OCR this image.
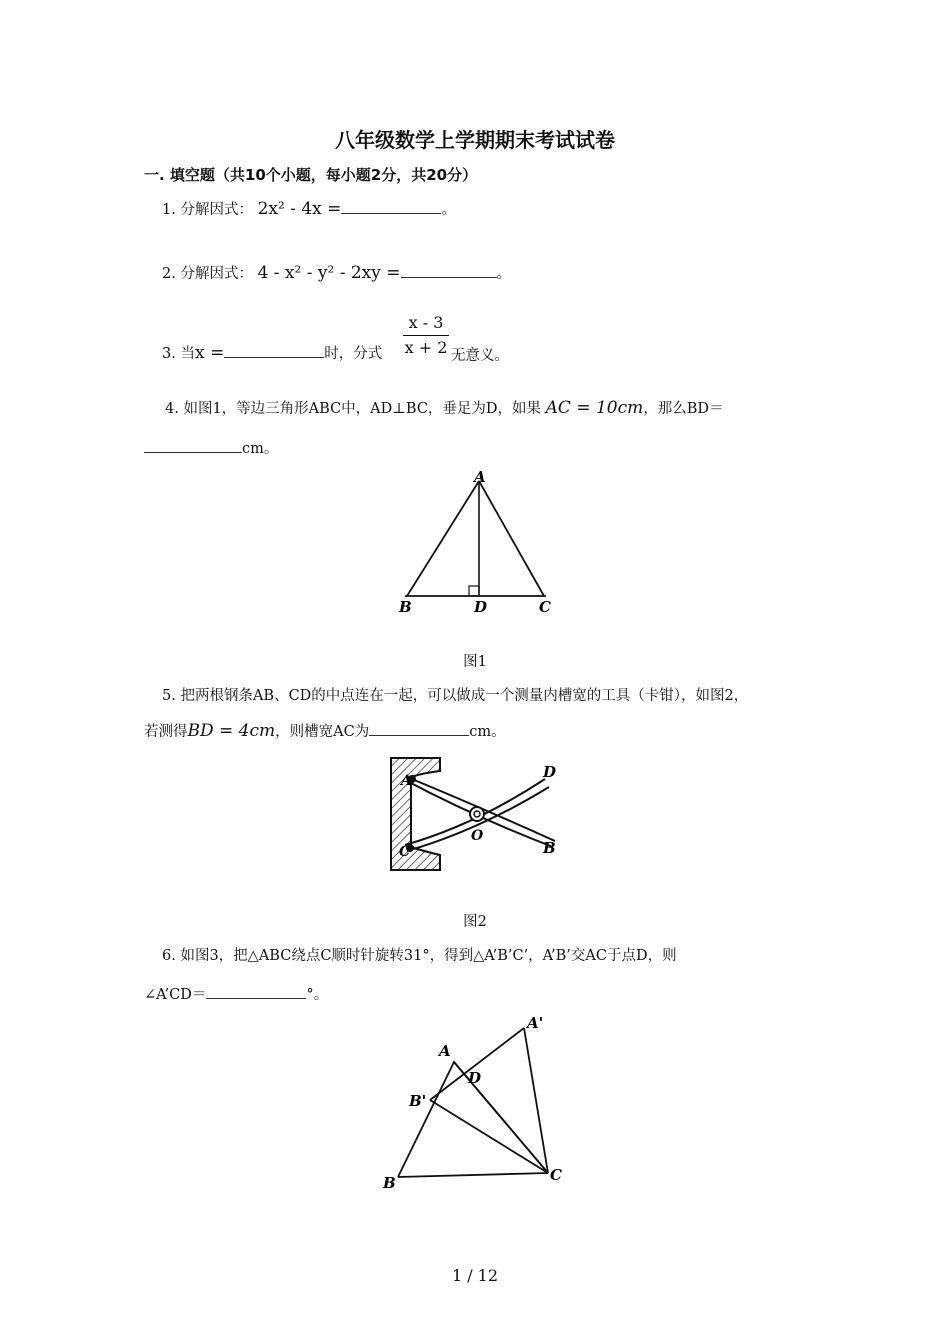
八年级数学上学期期末考试试卷
一. 填空题（共10个小题，每小题2分，共20分）
1. 分解因式： 2x² - 4x =	。
2. 分解因式： 4 - x² - y² - 2xy =	。
3. 当x =	时，分式 $\frac{x - 3}{x + 2}$ 无意义。
4. 如图1，等边三角形ABC中，AD⊥BC，垂足为D，如果 AC = 10cm，那么BD＝
cm。
A
B	D	C
图1
5. 把两根钢条AB、CD的中点连在一起，可以做成一个测量内槽宽的工具（卡钳），如图2，
若测得BD = 4cm，则槽宽AC为	cm。
A
C
O
B
D
图2
6. 如图3，把△ABC绕点C顺时针旋转31°，得到△A’B’C’，A’B’交AC于点D，则
∠A’CD＝	°。
A
A'
D
B'
B	C
1 / 12
